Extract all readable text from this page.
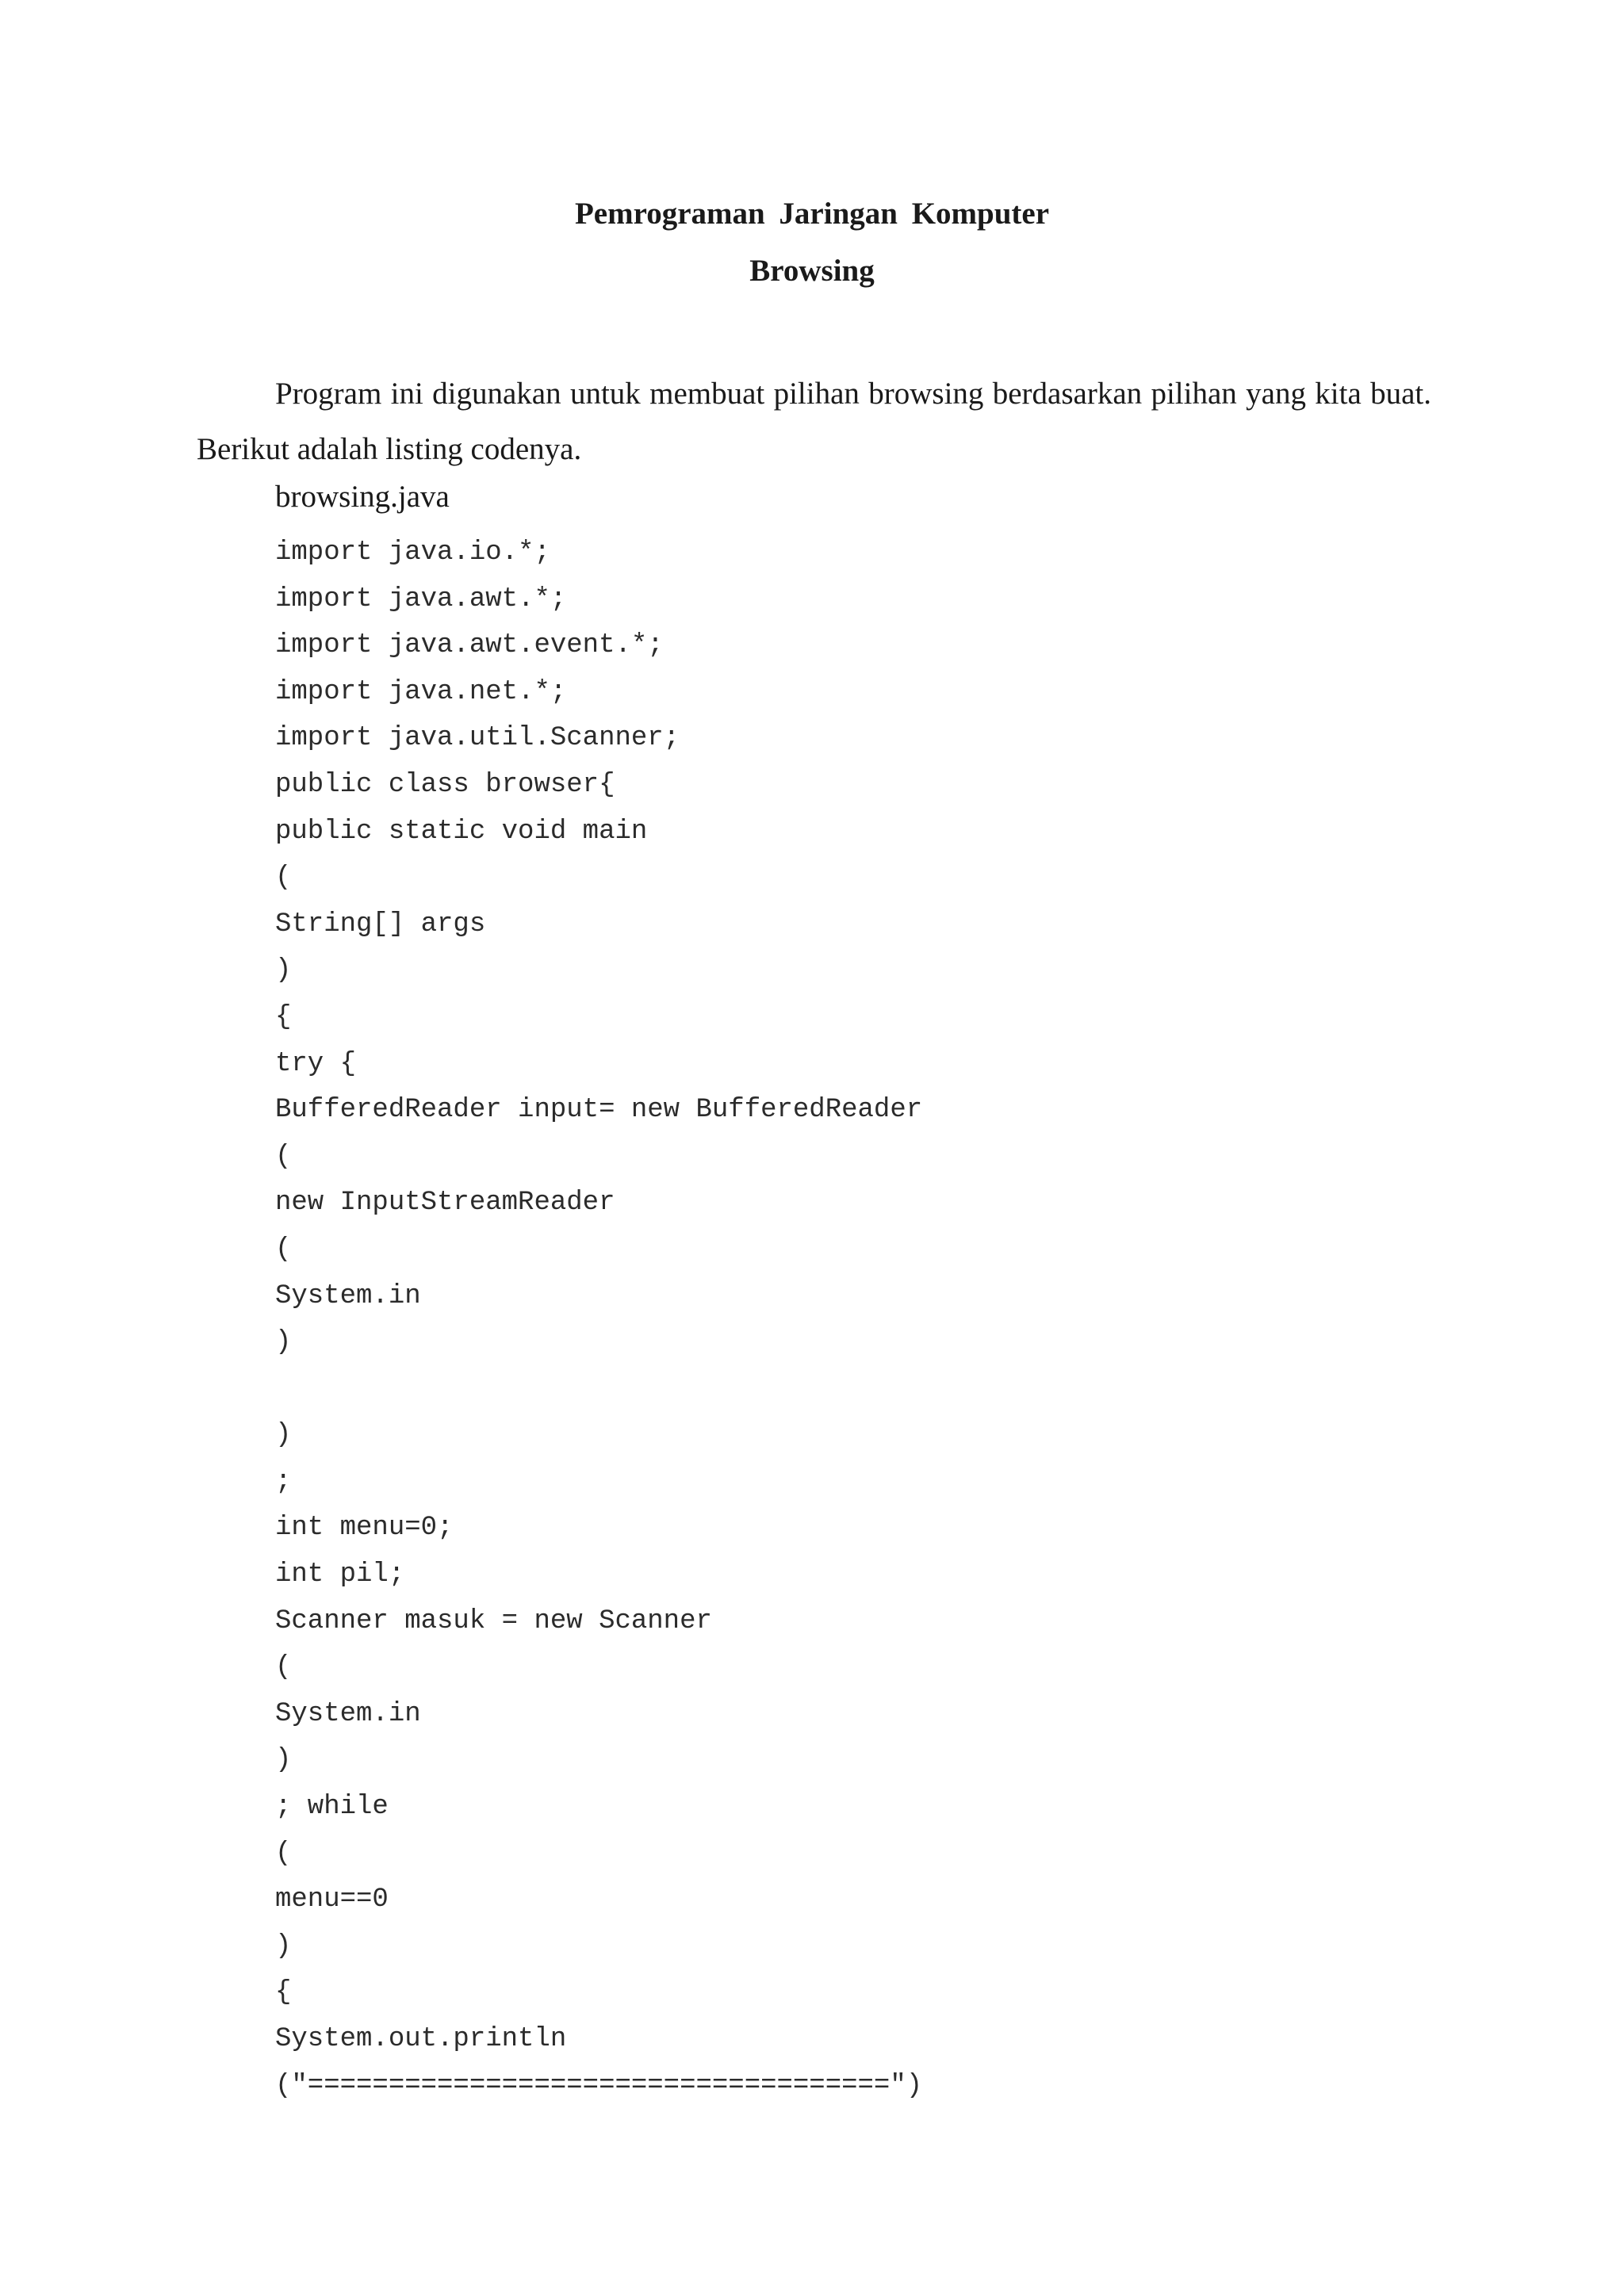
Pemrograman Jaringan Komputer
Browsing

Program ini digunakan untuk membuat pilihan browsing berdasarkan pilihan yang kita buat. Berikut adalah listing codenya.

browsing.java

import java.io.*;
import java.awt.*;
import java.awt.event.*;
import java.net.*;
import java.util.Scanner;
public class browser{
public static void main
(
String[] args
)
{
try {
BufferedReader input= new BufferedReader
(
new InputStreamReader
(
System.in
)
)
;
int menu=0;
int pil;
Scanner masuk = new Scanner
(
System.in
)
; while
(
menu==0
)
{
System.out.println
("====================================")
